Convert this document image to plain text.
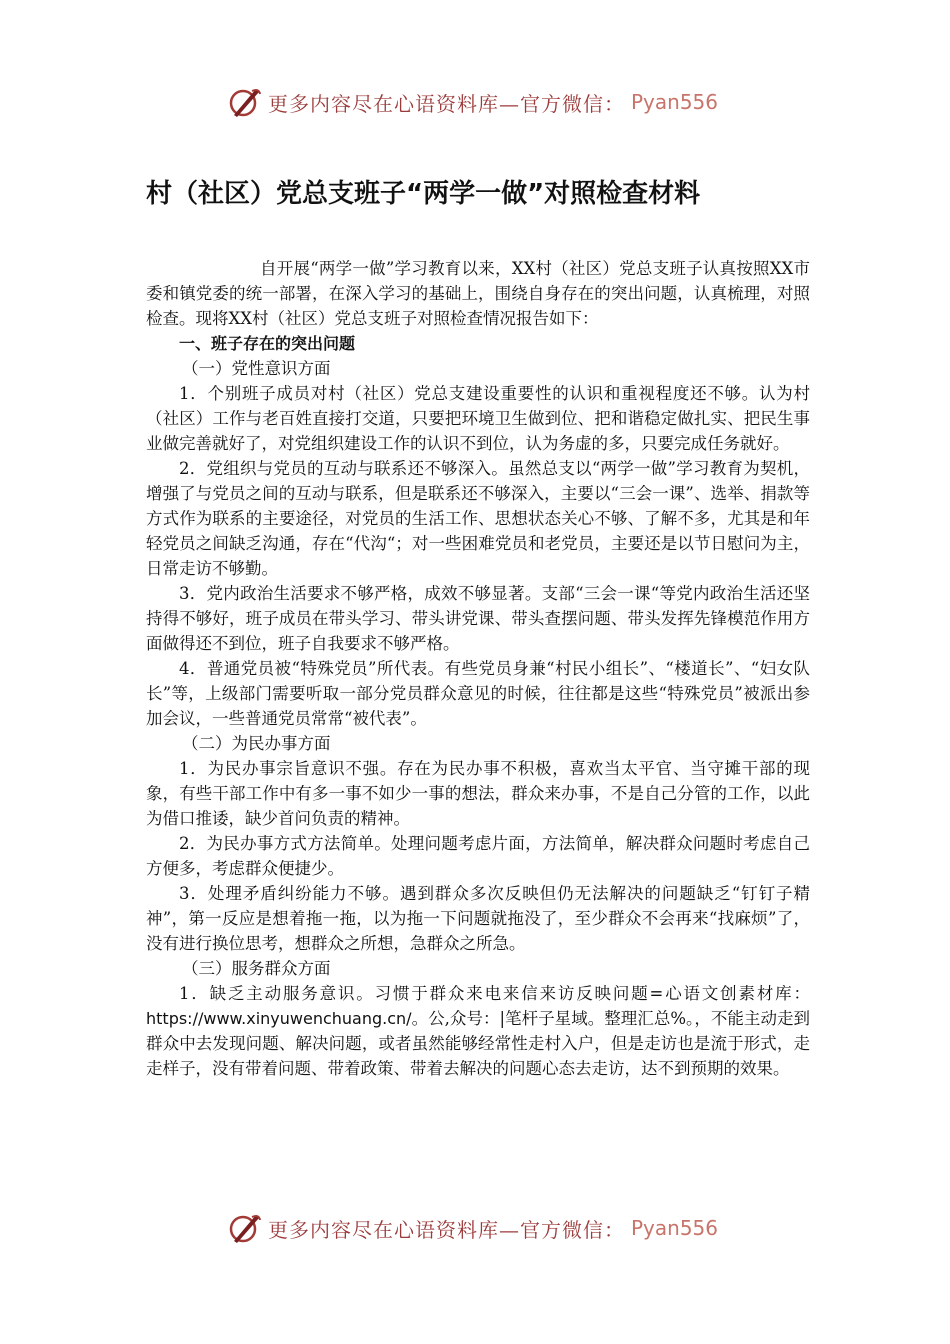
更多内容尽在心语资料库—官方微信： Pyan556
村（社区）党总支班子“两学一做”对照检查材料

自开展“两学一做”学习教育以来，XX村（社区）党总支班子认真按照XX市委和镇党委的统一部署，在深入学习的基础上，围绕自身存在的突出问题，认真梳理，对照检查。现将XX村（社区）党总支班子对照检查情况报告如下：

一、班子存在的突出问题

（一）党性意识方面

1．个别班子成员对村（社区）党总支建设重要性的认识和重视程度还不够。认为村（社区）工作与老百姓直接打交道，只要把环境卫生做到位、把和谐稳定做扎实、把民生事业做完善就好了，对党组织建设工作的认识不到位，认为务虚的多，只要完成任务就好。

2．党组织与党员的互动与联系还不够深入。虽然总支以“两学一做”学习教育为契机，增强了与党员之间的互动与联系，但是联系还不够深入，主要以“三会一课”、选举、捐款等方式作为联系的主要途径，对党员的生活工作、思想状态关心不够、了解不多，尤其是和年轻党员之间缺乏沟通，存在“代沟“；对一些困难党员和老党员，主要还是以节日慰问为主，日常走访不够勤。

3．党内政治生活要求不够严格，成效不够显著。支部“三会一课“等党内政治生活还坚持得不够好，班子成员在带头学习、带头讲党课、带头查摆问题、带头发挥先锋模范作用方面做得还不到位，班子自我要求不够严格。

4．普通党员被“特殊党员”所代表。有些党员身兼“村民小组长”、“楼道长”、“妇女队长”等，上级部门需要听取一部分党员群众意见的时候，往往都是这些“特殊党员”被派出参加会议，一些普通党员常常“被代表”。

（二）为民办事方面

1．为民办事宗旨意识不强。存在为民办事不积极，喜欢当太平官、当守摊干部的现象，有些干部工作中有多一事不如少一事的想法，群众来办事，不是自己分管的工作，以此为借口推诿，缺少首问负责的精神。

2．为民办事方式方法简单。处理问题考虑片面，方法简单，解决群众问题时考虑自己方便多，考虑群众便捷少。

3．处理矛盾纠纷能力不够。遇到群众多次反映但仍无法解决的问题缺乏“钉钉子精神”，第一反应是想着拖一拖，以为拖一下问题就拖没了，至少群众不会再来“找麻烦”了，没有进行换位思考，想群众之所想，急群众之所急。

（三）服务群众方面

1．缺乏主动服务意识。习惯于群众来电来信来访反映问题=心语文创素材库：https://www.xinyuwenchuang.cn/。公,众号：|笔杆子星域。整理汇总%。，不能主动走到群众中去发现问题、解决问题，或者虽然能够经常性走村入户，但是走访也是流于形式，走走样子，没有带着问题、带着政策、带着去解决的问题心态去走访，达不到预期的效果。

更多内容尽在心语资料库—官方微信： Pyan556
